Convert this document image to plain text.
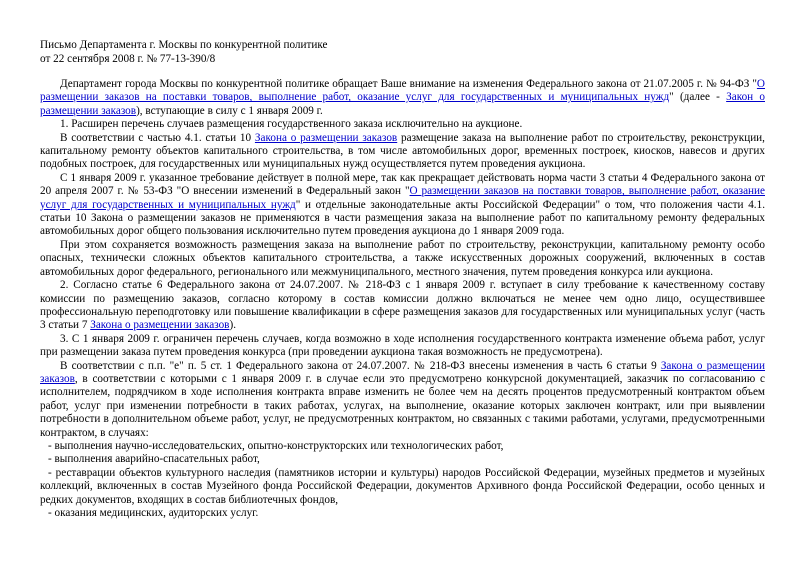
Письмо Департамента г. Москвы по конкурентной политике
от 22 сентября 2008 г. № 77-13-390/8

Департамент города Москвы по конкурентной политике обращает Ваше внимание на изменения Федерального закона от 21.07.2005 г. № 94-ФЗ "О размещении заказов на поставки товаров, выполнение работ, оказание услуг для государственных и муниципальных нужд" (далее - Закон о размещении заказов), вступающие в силу с 1 января 2009 г.

1. Расширен перечень случаев размещения государственного заказа исключительно на аукционе.

В соответствии с частью 4.1. статьи 10 Закона о размещении заказов размещение заказа на выполнение работ по строительству, реконструкции, капитальному ремонту объектов капитального строительства, в том числе автомобильных дорог, временных построек, киосков, навесов и других подобных построек, для государственных или муниципальных нужд осуществляется путем проведения аукциона.

С 1 января 2009 г. указанное требование действует в полной мере, так как прекращает действовать норма части 3 статьи 4 Федерального закона от 20 апреля 2007 г. № 53-ФЗ "О внесении изменений в Федеральный закон "О размещении заказов на поставки товаров, выполнение работ, оказание услуг для государственных и муниципальных нужд" и отдельные законодательные акты Российской Федерации" о том, что положения части 4.1. статьи 10 Закона о размещении заказов не применяются в части размещения заказа на выполнение работ по капитальному ремонту федеральных автомобильных дорог общего пользования исключительно путем проведения аукциона до 1 января 2009 года.

При этом сохраняется возможность размещения заказа на выполнение работ по строительству, реконструкции, капитальному ремонту особо опасных, технически сложных объектов капитального строительства, а также искусственных дорожных сооружений, включенных в состав автомобильных дорог федерального, регионального или межмуниципального, местного значения, путем проведения конкурса или аукциона.

2. Согласно статье 6 Федерального закона от 24.07.2007. № 218-ФЗ с 1 января 2009 г. вступает в силу требование к качественному составу комиссии по размещению заказов, согласно которому в состав комиссии должно включаться не менее чем одно лицо, осуществившее профессиональную переподготовку или повышение квалификации в сфере размещения заказов для государственных или муниципальных услуг (часть 3 статьи 7 Закона о размещении заказов).

3. С 1 января 2009 г. ограничен перечень случаев, когда возможно в ходе исполнения государственного контракта изменение объема работ, услуг при размещении заказа путем проведения конкурса (при проведении аукциона такая возможность не предусмотрена).

В соответствии с п.п. "е" п. 5 ст. 1 Федерального закона от 24.07.2007. № 218-ФЗ внесены изменения в часть 6 статьи 9 Закона о размещении заказов, в соответствии с которыми с 1 января 2009 г. в случае если это предусмотрено конкурсной документацией, заказчик по согласованию с исполнителем, подрядчиком в ходе исполнения контракта вправе изменить не более чем на десять процентов предусмотренный контрактом объем работ, услуг при изменении потребности в таких работах, услугах, на выполнение, оказание которых заключен контракт, или при выявлении потребности в дополнительном объеме работ, услуг, не предусмотренных контрактом, но связанных с такими работами, услугами, предусмотренными контрактом, в случаях:

- выполнения научно-исследовательских, опытно-конструкторских или технологических работ,

- выполнения аварийно-спасательных работ,

- реставрации объектов культурного наследия (памятников истории и культуры) народов Российской Федерации, музейных предметов и музейных коллекций, включенных в состав Музейного фонда Российской Федерации, документов Архивного фонда Российской Федерации, особо ценных и редких документов, входящих в состав библиотечных фондов,

- оказания медицинских, аудиторских услуг.
